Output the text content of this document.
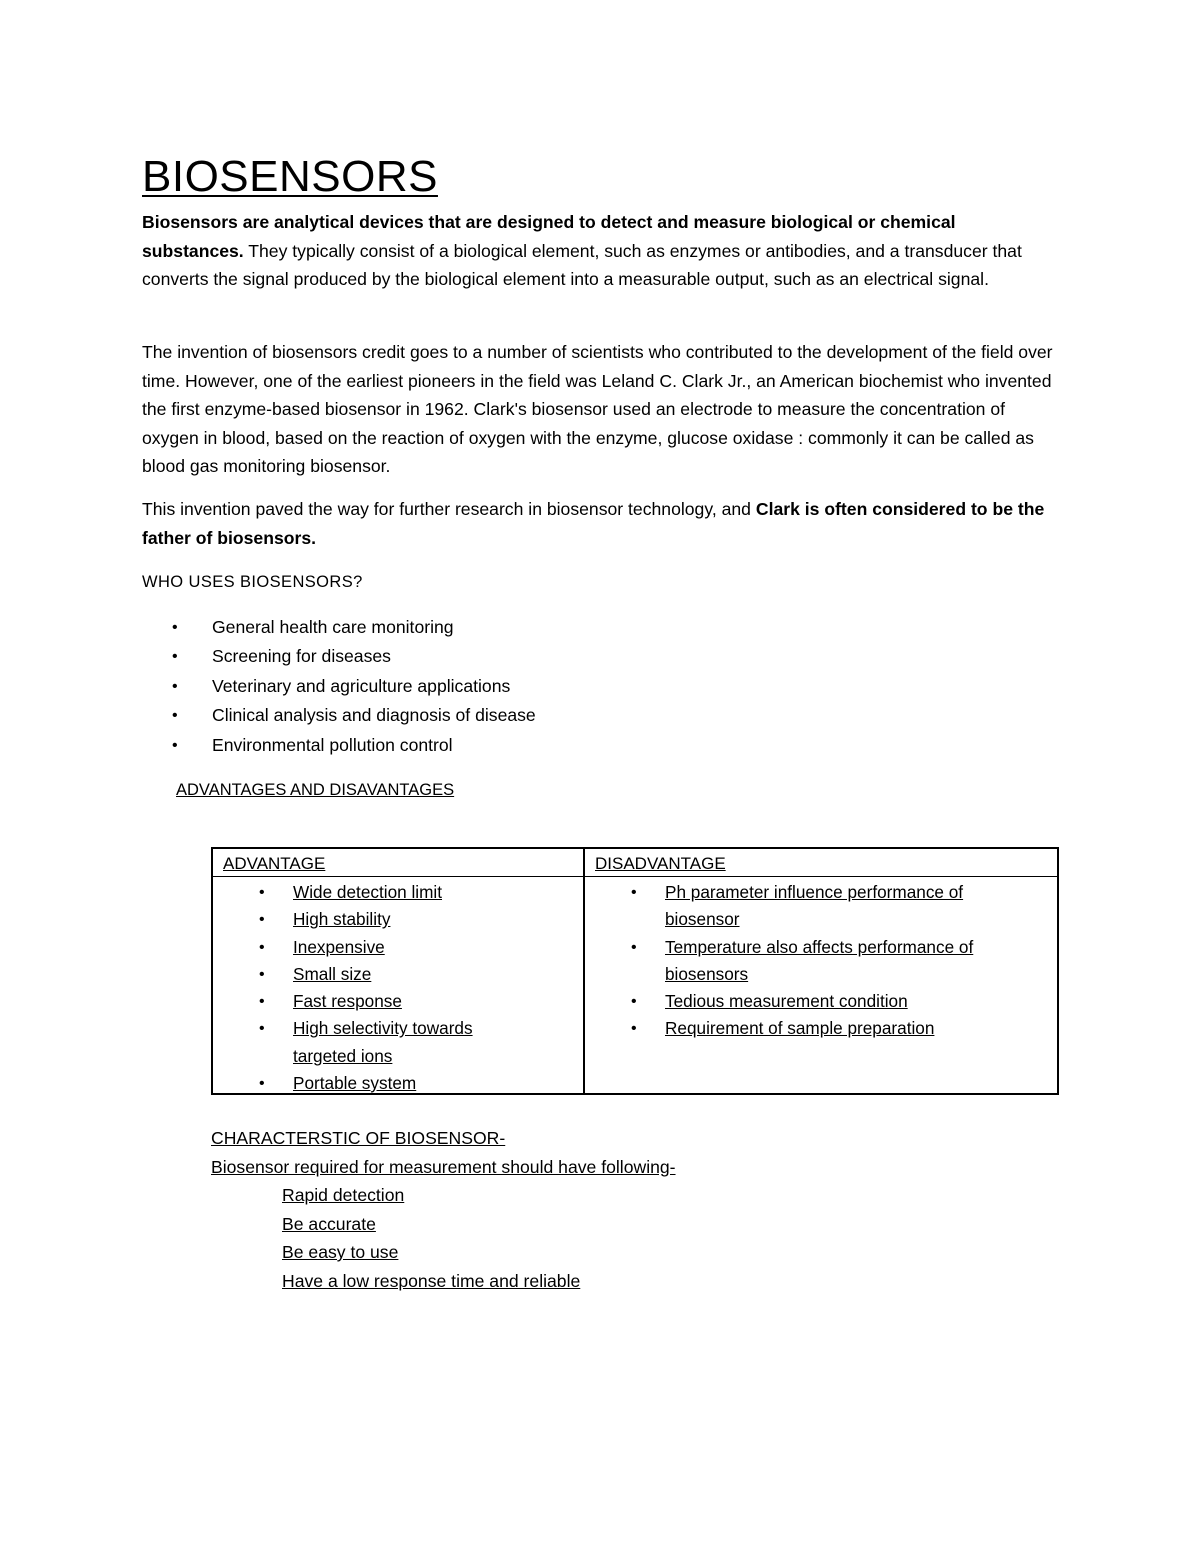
BIOSENSORS

Biosensors are analytical devices that are designed to detect and measure biological or chemical substances. They typically consist of a biological element, such as enzymes or antibodies, and a transducer that converts the signal produced by the biological element into a measurable output, such as an electrical signal.

The invention of biosensors credit goes to a number of scientists who contributed to the development of the field over time. However, one of the earliest pioneers in the field was Leland C. Clark Jr., an American biochemist who invented the first enzyme-based biosensor in 1962. Clark's biosensor used an electrode to measure the concentration of oxygen in blood, based on the reaction of oxygen with the enzyme, glucose oxidase : commonly it can be called as blood gas monitoring biosensor.

This invention paved the way for further research in biosensor technology, and Clark is often considered to be the father of biosensors.

WHO USES BIOSENSORS?

• General health care monitoring
• Screening for diseases
• Veterinary and agriculture applications
• Clinical analysis and diagnosis of disease
• Environmental pollution control

ADVANTAGES AND DISAVANTAGES

ADVANTAGE
• Wide detection limit
• High stability
• Inexpensive
• Small size
• Fast response
• High selectivity towards targeted ions
• Portable system
DISADVANTAGE
• Ph parameter influence performance of biosensor
• Temperature also affects performance of biosensors
• Tedious measurement condition
• Requirement of sample preparation
CHARACTERSTIC OF BIOSENSOR-
Biosensor required for measurement should have following-
Rapid detection
Be accurate
Be easy to use
Have a low response time and reliable
